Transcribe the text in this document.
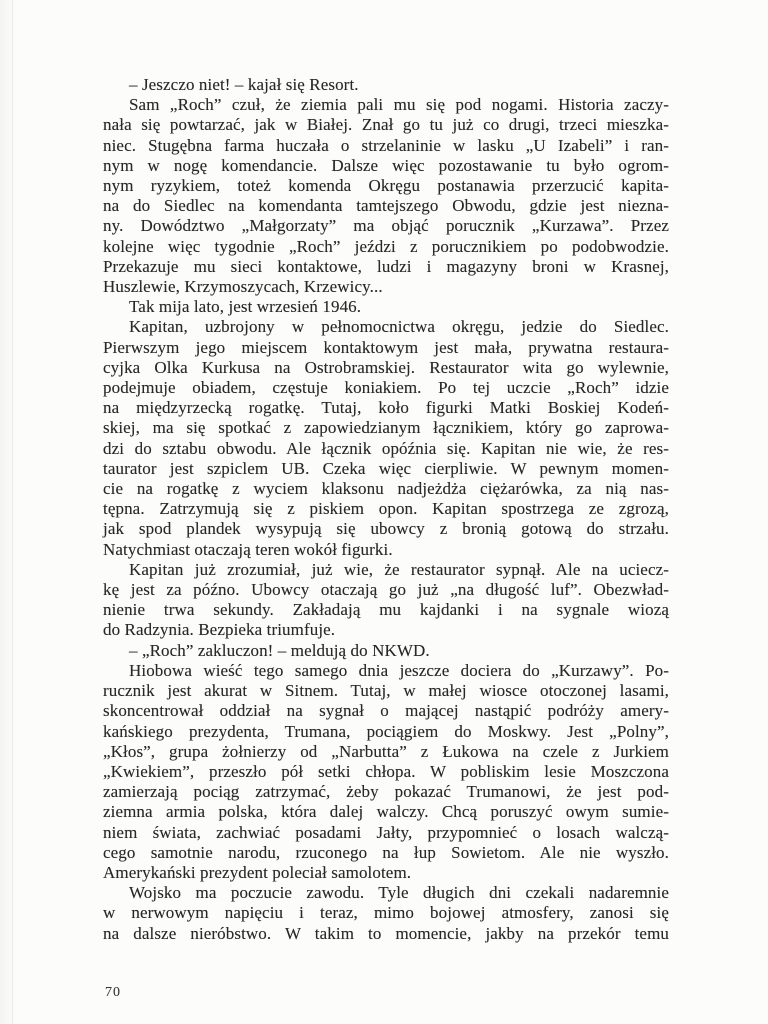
– Jeszczo niet! – kajał się Resort.
Sam „Roch” czuł, że ziemia pali mu się pod nogami. Historia zaczy-
nała się powtarzać, jak w Białej. Znał go tu już co drugi, trzeci mieszka-
niec. Stugębna farma huczała o strzelaninie w lasku „U Izabeli” i ran-
nym w nogę komendancie. Dalsze więc pozostawanie tu było ogrom-
nym ryzykiem, toteż komenda Okręgu postanawia przerzucić kapita-
na do Siedlec na komendanta tamtejszego Obwodu, gdzie jest niezna-
ny. Dowództwo „Małgorzaty” ma objąć porucznik „Kurzawa”. Przez
kolejne więc tygodnie „Roch” jeździ z porucznikiem po podobwodzie.
Przekazuje mu sieci kontaktowe, ludzi i magazyny broni w Krasnej,
Huszlewie, Krzymoszycach, Krzewicy...
Tak mija lato, jest wrzesień 1946.
Kapitan, uzbrojony w pełnomocnictwa okręgu, jedzie do Siedlec.
Pierwszym jego miejscem kontaktowym jest mała, prywatna restaura-
cyjka Olka Kurkusa na Ostrobramskiej. Restaurator wita go wylewnie,
podejmuje obiadem, częstuje koniakiem. Po tej uczcie „Roch” idzie
na międzyrzecką rogatkę. Tutaj, koło figurki Matki Boskiej Kodeń-
skiej, ma się spotkać z zapowiedzianym łącznikiem, który go zaprowa-
dzi do sztabu obwodu. Ale łącznik opóźnia się. Kapitan nie wie, że res-
taurator jest szpiclem UB. Czeka więc cierpliwie. W pewnym momen-
cie na rogatkę z wyciem klaksonu nadjeżdża ciężarówka, za nią nas-
tępna. Zatrzymują się z piskiem opon. Kapitan spostrzega ze zgrozą,
jak spod plandek wysypują się ubowcy z bronią gotową do strzału.
Natychmiast otaczają teren wokół figurki.
Kapitan już zrozumiał, już wie, że restaurator sypnął. Ale na uciecz-
kę jest za późno. Ubowcy otaczają go już „na długość luf”. Obezwład-
nienie trwa sekundy. Zakładają mu kajdanki i na sygnale wiozą
do Radzynia. Bezpieka triumfuje.
– „Roch” zakluczon! – meldują do NKWD.
Hiobowa wieść tego samego dnia jeszcze dociera do „Kurzawy”. Po-
rucznik jest akurat w Sitnem. Tutaj, w małej wiosce otoczonej lasami,
skoncentrował oddział na sygnał o mającej nastąpić podróży amery-
kańskiego prezydenta, Trumana, pociągiem do Moskwy. Jest „Polny”,
„Kłos”, grupa żołnierzy od „Narbutta” z Łukowa na czele z Jurkiem
„Kwiekiem”, przeszło pół setki chłopa. W pobliskim lesie Moszczona
zamierzają pociąg zatrzymać, żeby pokazać Trumanowi, że jest pod-
ziemna armia polska, która dalej walczy. Chcą poruszyć owym sumie-
niem świata, zachwiać posadami Jałty, przypomnieć o losach walczą-
cego samotnie narodu, rzuconego na łup Sowietom. Ale nie wyszło.
Amerykański prezydent poleciał samolotem.
Wojsko ma poczucie zawodu. Tyle długich dni czekali nadaremnie
w nerwowym napięciu i teraz, mimo bojowej atmosfery, zanosi się
na dalsze nieróbstwo. W takim to momencie, jakby na przekór temu
70
